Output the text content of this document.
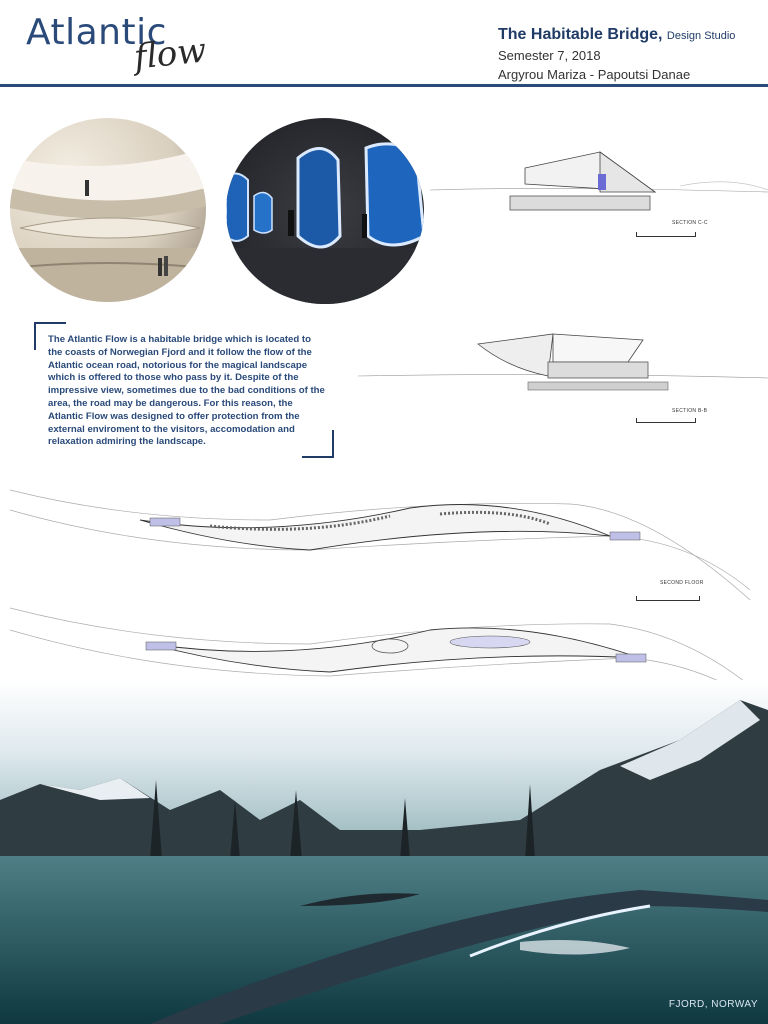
Atlantic
flow	The Habitable Bridge, Design Studio
Semester 7, 2018
Argyrou Mariza - Papoutsi Danae

The Atlantic Flow is a habitable bridge which is located to the coasts of Norwegian Fjord and it follow the flow of the Atlantic ocean road, notorious for the magical landscape which is offered to those who pass by it. Despite of the impressive view, sometimes due to the bad conditions of the area, the road may be dangerous. For this reason, the Atlantic Flow was designed to offer protection from the external enviroment to the visitors, accomodation and relaxation admiring the landscape.

SECTION C-C
SECTION B-B
SECOND FLOOR
FJORD, NORWAY
